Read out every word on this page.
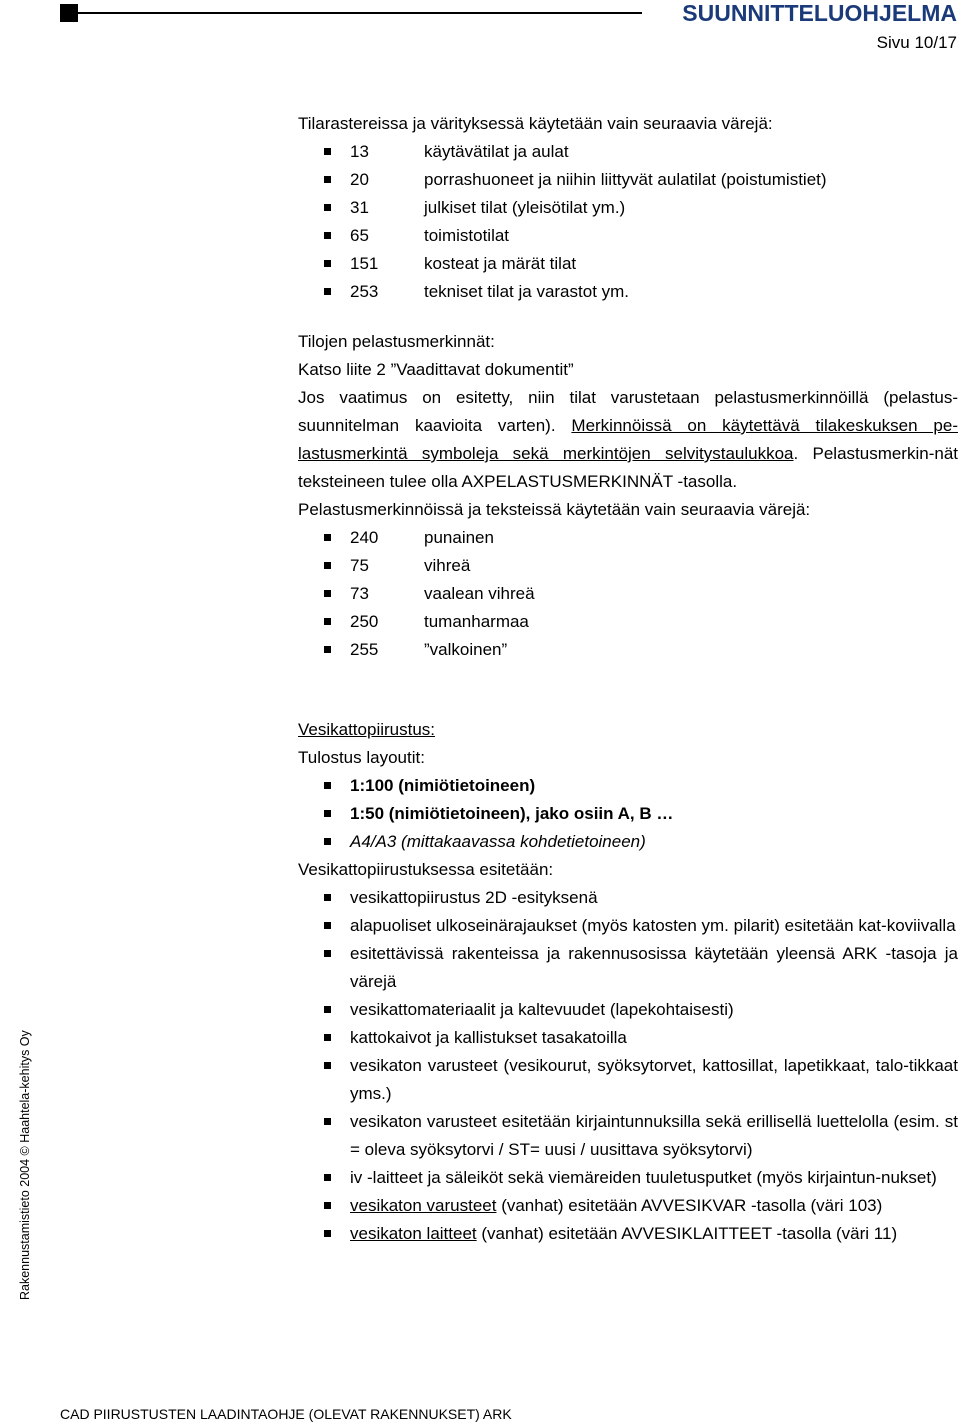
SUUNNITTELUOHJELMA
Sivu 10/17

Tilarastereissa ja värityksessä käytetään vain seuraavia värejä:

13	käytävätilat ja aulat
20	porrashuoneet ja niihin liittyvät aulatilat (poistumistiet)
31	julkiset tilat (yleisötilat ym.)
65	toimistotilat
151	kosteat ja märät tilat
253	tekniset tilat ja varastot ym.

Tilojen pelastusmerkinnät:

Katso liite 2 ”Vaadittavat dokumentit”

Jos vaatimus on esitetty, niin tilat varustetaan pelastusmerkinnöillä (pelastus-suunnitelman kaavioita varten). Merkinnöissä on käytettävä tilakeskuksen pe-lastusmerkintä symboleja sekä merkintöjen selvitystaulukkoa. Pelastusmerkin-nät teksteineen tulee olla AXPELASTUSMERKINNÄT -tasolla.

Pelastusmerkinnöissä ja teksteissä käytetään vain seuraavia värejä:

240	punainen
75	vihreä
73	vaalean vihreä
250	tumanharmaa
255	”valkoinen”

Vesikattopiirustus:

Tulostus layoutit:

1:100 (nimiötietoineen)
1:50 (nimiötietoineen), jako osiin A, B …
A4/A3 (mittakaavassa kohdetietoineen)

Vesikattopiirustuksessa esitetään:

vesikattopiirustus 2D -esityksenä
alapuoliset ulkoseinärajaukset (myös katosten ym. pilarit) esitetään kat-koviivalla
esitettävissä rakenteissa ja rakennusosissa käytetään yleensä ARK -tasoja ja värejä
vesikattomateriaalit ja kaltevuudet (lapekohtaisesti)
kattokaivot ja kallistukset tasakatoilla
vesikaton varusteet (vesikourut, syöksytorvet, kattosillat, lapetikkaat, talo-tikkaat yms.)
vesikaton varusteet esitetään kirjaintunnuksilla sekä erillisellä luettelolla (esim. st = oleva syöksytorvi / ST= uusi / uusittava syöksytorvi)
iv -laitteet ja säleiköt sekä viemäreiden tuuletusputket (myös kirjaintun-nukset)
vesikaton varusteet (vanhat) esitetään AVVESIKVAR -tasolla (väri 103)
vesikaton laitteet (vanhat) esitetään AVVESIKLAITTEET -tasolla (väri 11)
Rakennustamistieto 2004 © Haahtela-kehitys Oy
CAD PIIRUSTUSTEN LAADINTAOHJE (OLEVAT RAKENNUKSET) ARK
